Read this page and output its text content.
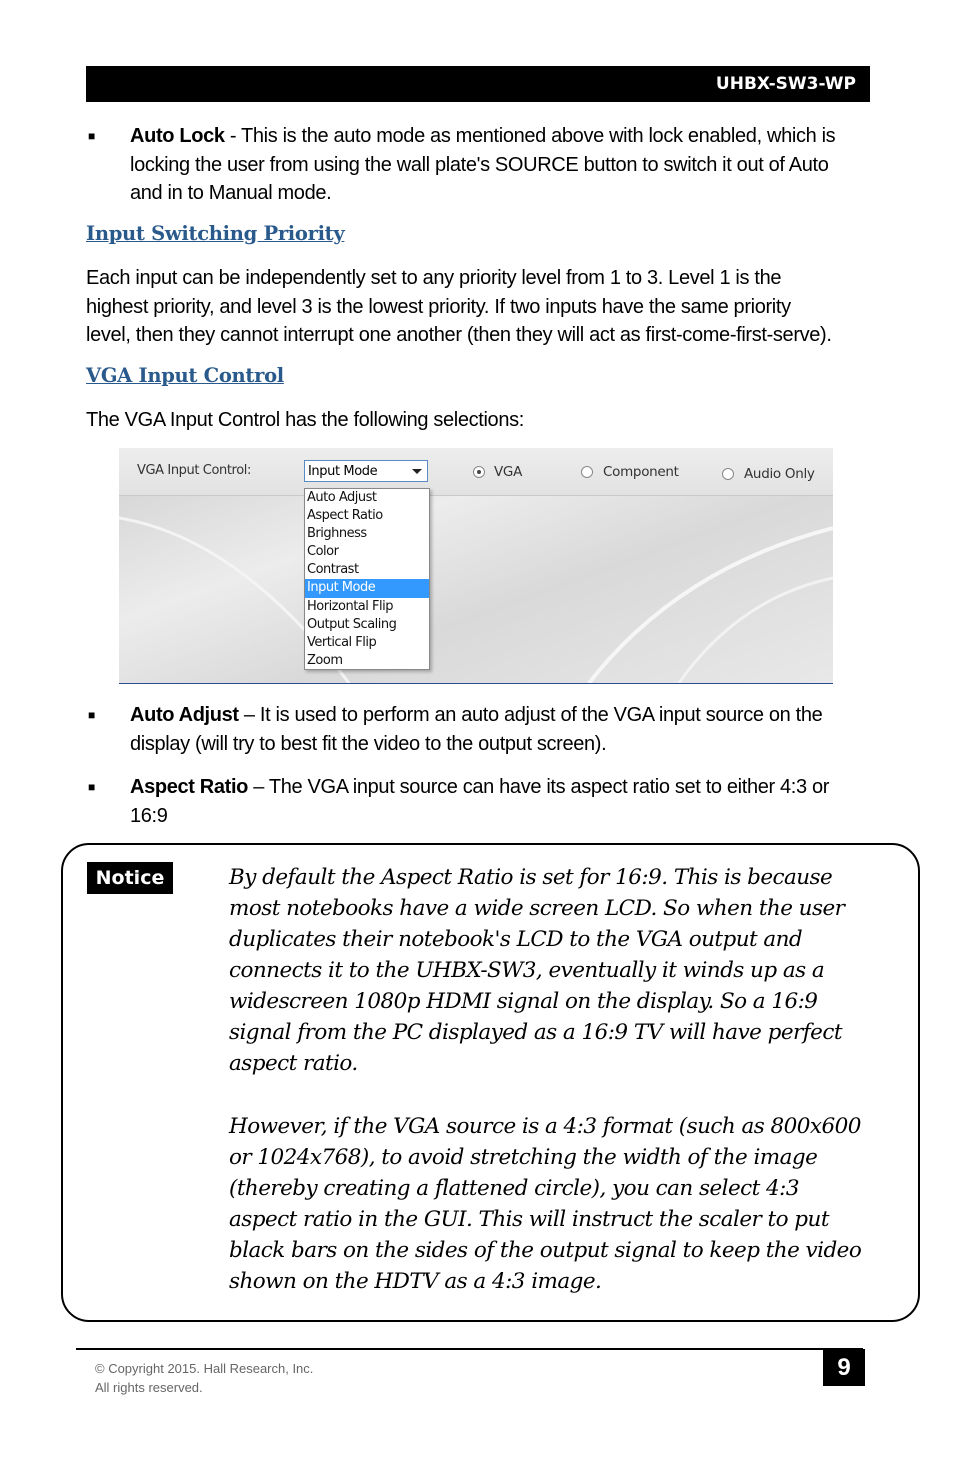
UHBX-SW3-WP
■ Auto Lock - This is the auto mode as mentioned above with lock enabled, which is
locking the user from using the wall plate's SOURCE button to switch it out of Auto
and in to Manual mode.
Input Switching Priority
Each input can be independently set to any priority level from 1 to 3. Level 1 is the
highest priority, and level 3 is the lowest priority. If two inputs have the same priority
level, then they cannot interrupt one another (then they will act as first-come-first-serve).
VGA Input Control
The VGA Input Control has the following selections:
VGA Input Control:	Input Mode	VGA	Component	Audio Only
Auto Adjust
Aspect Ratio
Brighness
Color
Contrast
Input Mode
Horizontal Flip
Output Scaling
Vertical Flip
Zoom
■ Auto Adjust – It is used to perform an auto adjust of the VGA input source on the
display (will try to best fit the video to the output screen).
■ Aspect Ratio – The VGA input source can have its aspect ratio set to either 4:3 or
16:9
Notice	By default the Aspect Ratio is set for 16:9. This is because
most notebooks have a wide screen LCD. So when the user
duplicates their notebook's LCD to the VGA output and
connects it to the UHBX-SW3, eventually it winds up as a
widescreen 1080p HDMI signal on the display. So a 16:9
signal from the PC displayed as a 16:9 TV will have perfect
aspect ratio.
However, if the VGA source is a 4:3 format (such as 800x600
or 1024x768), to avoid stretching the width of the image
(thereby creating a flattened circle), you can select 4:3
aspect ratio in the GUI. This will instruct the scaler to put
black bars on the sides of the output signal to keep the video
shown on the HDTV as a 4:3 image.
© Copyright 2015. Hall Research, Inc.
All rights reserved.
9
